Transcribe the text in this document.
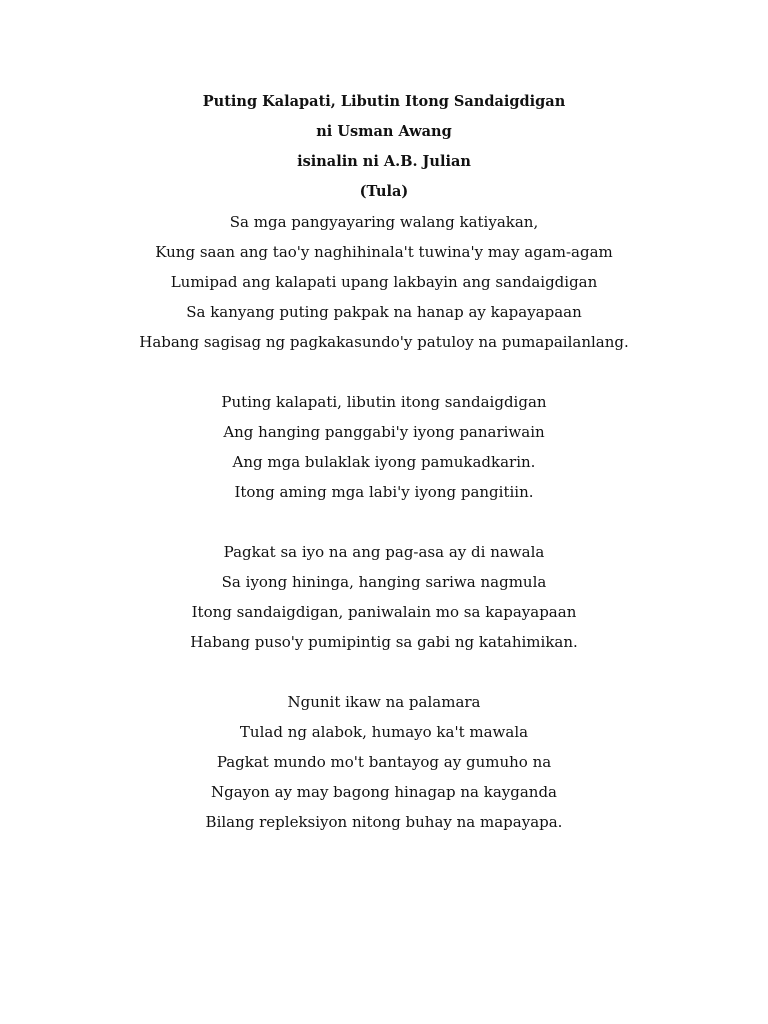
Puting Kalapati, Libutin Itong Sandaigdigan
ni Usman Awang
isinalin ni A.B. Julian
(Tula)
Sa mga pangyayaring walang katiyakan,
Kung saan ang tao'y naghihinala't tuwina'y may agam-agam
Lumipad ang kalapati upang lakbayin ang sandaigdigan
Sa kanyang puting pakpak na hanap ay kapayapaan
Habang sagisag ng pagkakasundo'y patuloy na pumapailanlang.
Puting kalapati, libutin itong sandaigdigan
Ang hanging panggabi'y iyong panariwain
Ang mga bulaklak iyong pamukadkarin.
Itong aming mga labi'y iyong pangitiin.
Pagkat sa iyo na ang pag-asa ay di nawala
Sa iyong hininga, hanging sariwa nagmula
Itong sandaigdigan, paniwalain mo sa kapayapaan
Habang puso'y pumipintig sa gabi ng katahimikan.
Ngunit ikaw na palamara
Tulad ng alabok, humayo ka't mawala
Pagkat mundo mo't bantayog ay gumuho na
Ngayon ay may bagong hinagap na kayganda
Bilang repleksiyon nitong buhay na mapayapa.
